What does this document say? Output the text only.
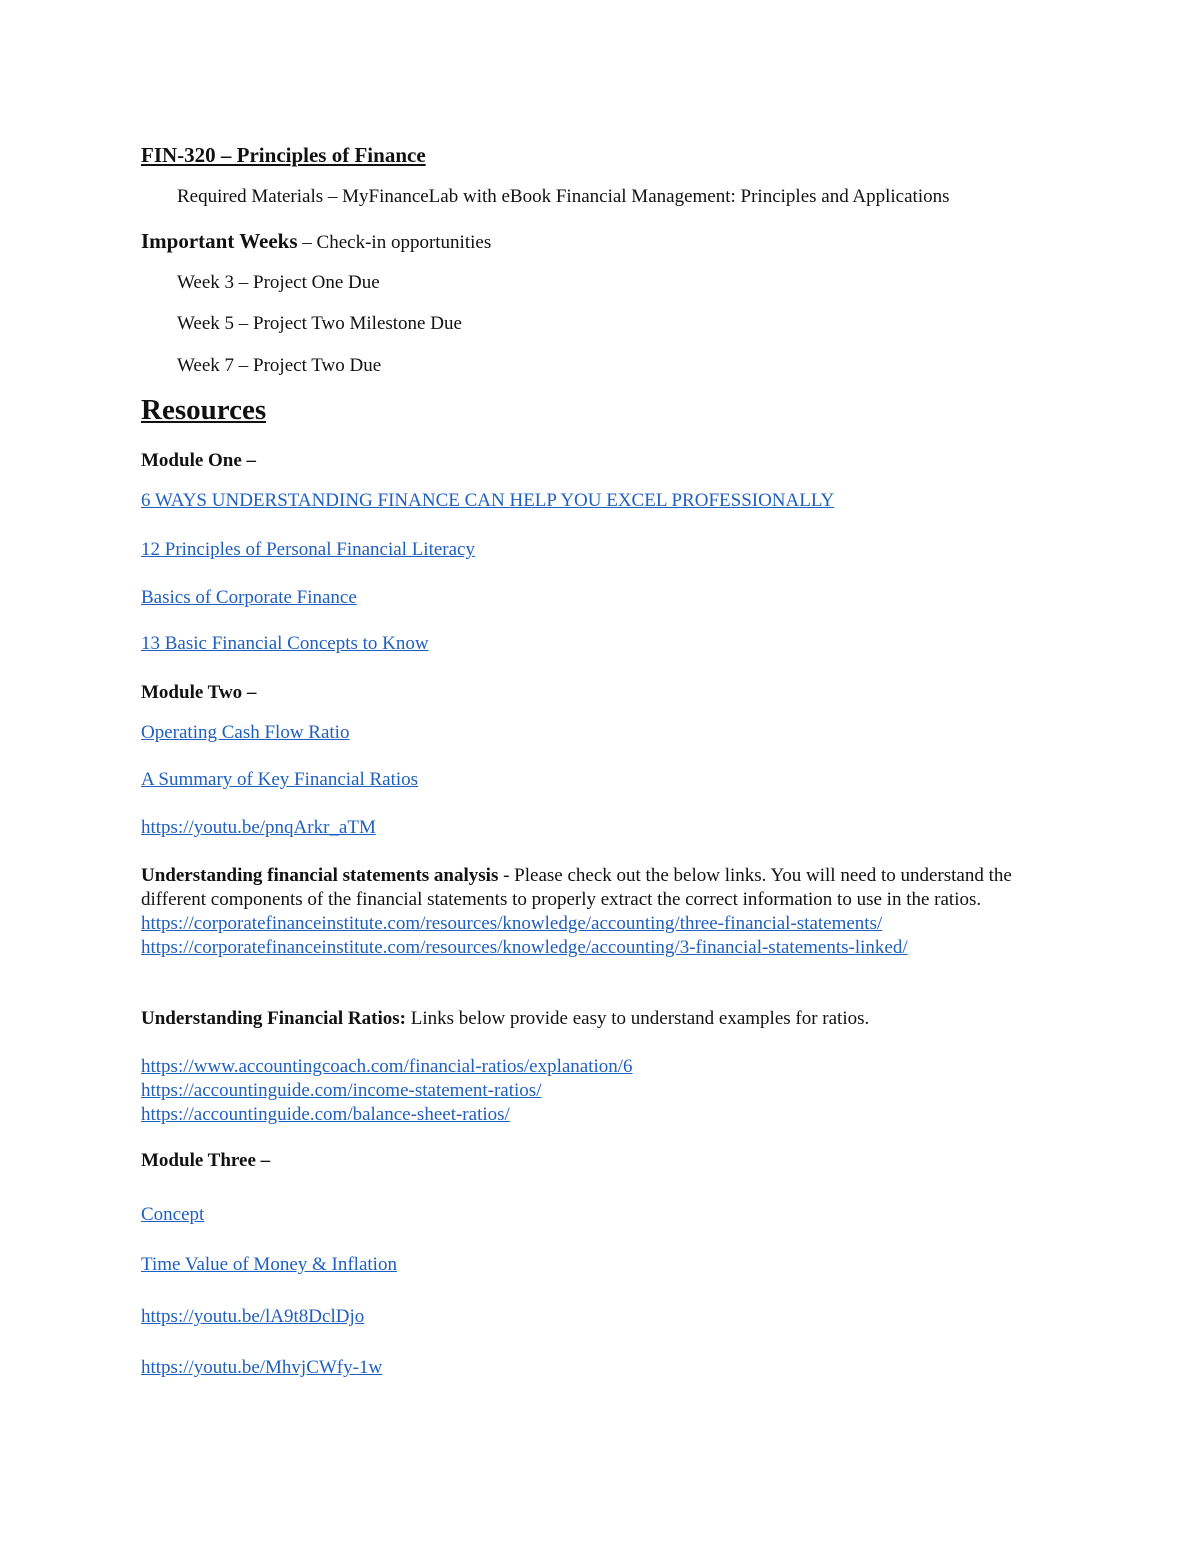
FIN-320 – Principles of Finance
Required Materials – MyFinanceLab with eBook Financial Management: Principles and Applications
Important Weeks – Check-in opportunities
Week 3 – Project One Due
Week 5 – Project Two Milestone Due
Week 7 – Project Two Due
Resources
Module One –
6 WAYS UNDERSTANDING FINANCE CAN HELP YOU EXCEL PROFESSIONALLY
12 Principles of Personal Financial Literacy
Basics of Corporate Finance
13 Basic Financial Concepts to Know
Module Two –
Operating Cash Flow Ratio
A Summary of Key Financial Ratios
https://youtu.be/pnqArkr_aTM
Understanding financial statements analysis - Please check out the below links. You will need to understand the different components of the financial statements to properly extract the correct information to use in the ratios.
https://corporatefinanceinstitute.com/resources/knowledge/accounting/three-financial-statements/
https://corporatefinanceinstitute.com/resources/knowledge/accounting/3-financial-statements-linked/
Understanding Financial Ratios: Links below provide easy to understand examples for ratios.
https://www.accountingcoach.com/financial-ratios/explanation/6
https://accountinguide.com/income-statement-ratios/
https://accountinguide.com/balance-sheet-ratios/
Module Three –
Concept
Time Value of Money & Inflation
https://youtu.be/lA9t8DclDjo
https://youtu.be/MhvjCWfy-1w
